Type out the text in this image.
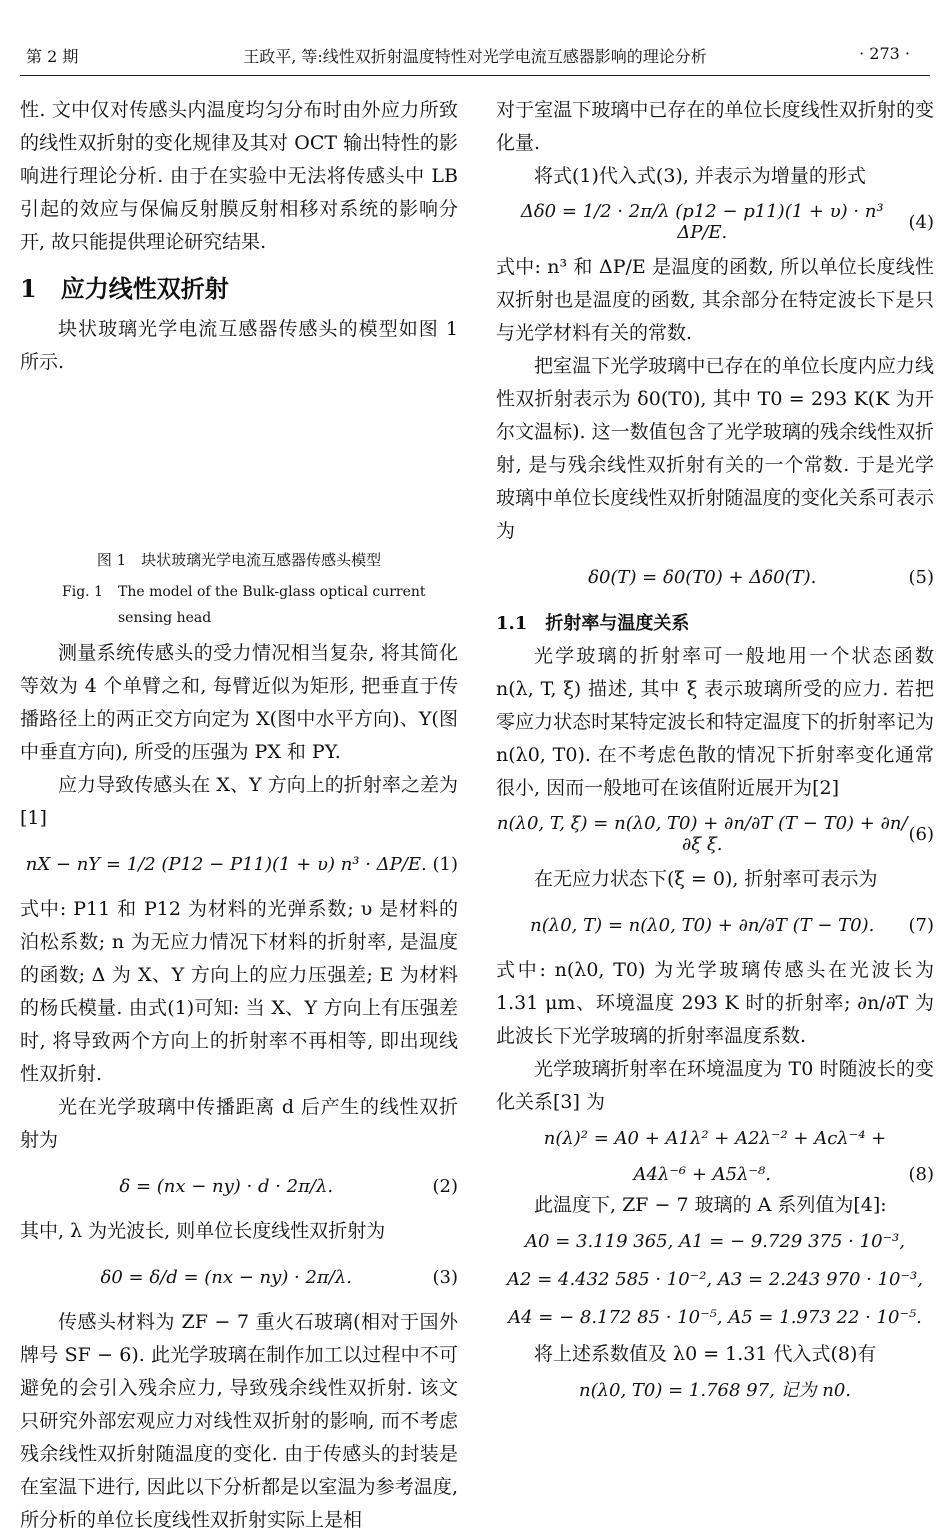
第 2 期	王政平, 等:线性双折射温度特性对光学电流互感器影响的理论分析	· 273 ·

性. 文中仅对传感头内温度均匀分布时由外应力所致的线性双折射的变化规律及其对 OCT 输出特性的影响进行理论分析. 由于在实验中无法将传感头中 LB 引起的效应与保偏反射膜反射相移对系统的影响分开, 故只能提供理论研究结果.

1　应力线性双折射

块状玻璃光学电流互感器传感头的模型如图 1 所示.

图 1　块状玻璃光学电流互感器传感头模型
Fig. 1 The model of the Bulk-glass optical current
sensing head

测量系统传感头的受力情况相当复杂, 将其简化等效为 4 个单臂之和, 每臂近似为矩形, 把垂直于传播路径上的两正交方向定为 X(图中水平方向)、Y(图中垂直方向), 所受的压强为 PX 和 PY.

应力导致传感头在 X、Y 方向上的折射率之差为[1]

nX − nY = 1/2 (P12 − P11)(1 + υ) n³ · ΔP/E. (1)

式中: P11 和 P12 为材料的光弹系数; υ 是材料的泊松系数; n 为无应力情况下材料的折射率, 是温度的函数; Δ 为 X、Y 方向上的应力压强差; E 为材料的杨氏模量. 由式(1)可知: 当 X、Y 方向上有压强差时, 将导致两个方向上的折射率不再相等, 即出现线性双折射.

光在光学玻璃中传播距离 d 后产生的线性双折射为

δ = (nx − ny) · d · 2π/λ.	(2)

其中, λ 为光波长, 则单位长度线性双折射为

δ0 = δ/d = (nx − ny) · 2π/λ.	(3)

传感头材料为 ZF − 7 重火石玻璃(相对于国外牌号 SF − 6). 此光学玻璃在制作加工以过程中不可避免的会引入残余应力, 导致残余线性双折射. 该文只研究外部宏观应力对线性双折射的影响, 而不考虑残余线性双折射随温度的变化. 由于传感头的封装是在室温下进行, 因此以下分析都是以室温为参考温度, 所分析的单位长度线性双折射实际上是相

对于室温下玻璃中已存在的单位长度线性双折射的变化量.

将式(1)代入式(3), 并表示为增量的形式

Δδ0 = 1/2 · 2π/λ (p12 − p11)(1 + υ) · n³ ΔP/E.	(4)

式中: n³ 和 ΔP/E 是温度的函数, 所以单位长度线性双折射也是温度的函数, 其余部分在特定波长下是只与光学材料有关的常数.

把室温下光学玻璃中已存在的单位长度内应力线性双折射表示为 δ0(T0), 其中 T0 = 293 K(K 为开尔文温标). 这一数值包含了光学玻璃的残余线性双折射, 是与残余线性双折射有关的一个常数. 于是光学玻璃中单位长度线性双折射随温度的变化关系可表示为

δ0(T) = δ0(T0) + Δδ0(T).	(5)
1.1　折射率与温度关系

光学玻璃的折射率可一般地用一个状态函数 n(λ, T, ξ) 描述, 其中 ξ 表示玻璃所受的应力. 若把零应力状态时某特定波长和特定温度下的折射率记为 n(λ0, T0). 在不考虑色散的情况下折射率变化通常很小, 因而一般地可在该值附近展开为[2]

n(λ0, T, ξ) = n(λ0, T0) + ∂n/∂T (T − T0) + ∂n/∂ξ ξ.	(6)

在无应力状态下(ξ = 0), 折射率可表示为

n(λ0, T) = n(λ0, T0) + ∂n/∂T (T − T0).	(7)

式中: n(λ0, T0) 为光学玻璃传感头在光波长为 1.31 μm、环境温度 293 K 时的折射率; ∂n/∂T 为此波长下光学玻璃的折射率温度系数.

光学玻璃折射率在环境温度为 T0 时随波长的变化关系[3] 为

n(λ)² = A0 + A1λ² + A2λ⁻² + Acλ⁻⁴ +
A4λ⁻⁶ + A5λ⁻⁸.	(8)

此温度下, ZF − 7 玻璃的 A 系列值为[4]:

A0 = 3.119 365, A1 = − 9.729 375 · 10⁻³,
A2 = 4.432 585 · 10⁻², A3 = 2.243 970 · 10⁻³,
A4 = − 8.172 85 · 10⁻⁵, A5 = 1.973 22 · 10⁻⁵.

将上述系数值及 λ0 = 1.31 代入式(8)有

n(λ0, T0) = 1.768 97, 记为 n0.
